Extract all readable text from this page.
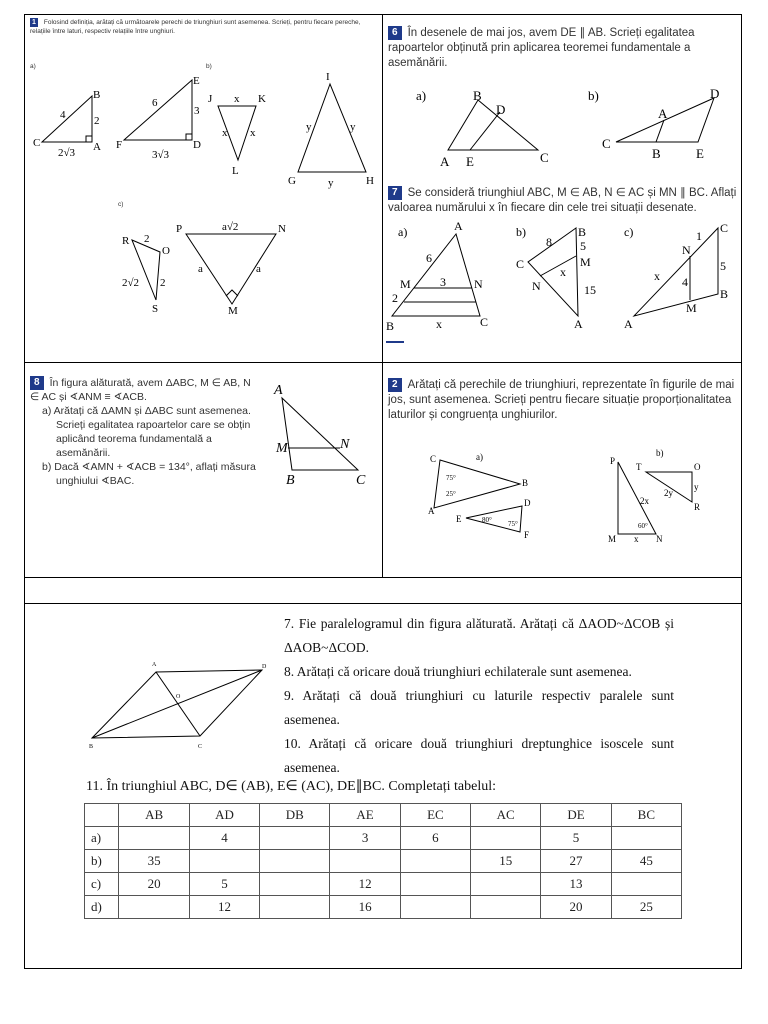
1 Folosind definiția, arătați că următoarele perechi de triunghiuri sunt asemenea. Scrieți, pentru fiecare pereche, relațiile între laturi, respectiv relațiile între unghiuri.
a)	b)
c)
C
B
A
4	2
2√3
F
E
D
6
3
3√3
J x K
x x
L
I
G	H
y	y
y
R 2
O
2√2 2
S
P	a√2	N
a	a
M
6 În desenele de mai jos, avem DE ∥ AB. Scrieți egalitatea rapoartelor obținută prin aplicarea teoremei fundamentale a asemănării.
a)	B
D
A E	C
b)	D
A
C
B	E
7 Se consideră triunghiul ABC, M ∈ AB, N ∈ AC și MN ∥ BC. Aflați valoarea numărului x în fiecare din cele trei situații desenate.
a)	A
6
M 3 N
2
B	x	C
b)	B
8 5
C	M
x
N	15
A
c)	C
1
N
5
x 4
B
M
A
8 În figura alăturată, avem ΔABC, M ∈ AB, N ∈ AC și ∢ANM ≡ ∢ACB.
a) Arătați că ΔAMN și ΔABC sunt asemenea. Scrieți egalitatea rapoartelor care se obțin aplicând teorema fundamentală a asemănării.
b) Dacă ∢AMN + ∢ACB = 134°, aflați măsura unghiului ∢BAC.
A
M	N
B	C
2 Arătați că perechile de triunghiuri, reprezentate în figurile de mai jos, sunt asemenea. Scrieți pentru fiecare situație proporționalitatea laturilor și congruența unghiurilor.
a)
C
B
A
75°
25°
D
E
F
80° 75°
b)
P
M x N
2x
60°
T	O
y
R
2y
A	D
B	C
O
7. Fie paralelogramul din figura alăturată. Arătați că ΔAOD~ΔCOB și ΔAOB~ΔCOD.
8. Arătați că oricare două triunghiuri echilaterale sunt asemenea.
9. Arătați că două triunghiuri cu laturile respectiv paralele sunt asemenea.
10. Arătați că oricare două triunghiuri dreptunghice isoscele sunt asemenea.
11. În triunghiul ABC, D∈ (AB), E∈ (AC), DE∥BC. Completați tabelul:
	AB	AD	DB	AE	EC	AC	DE	BC
a)		4		3	6		5	
b)	35					15	27	45
c)	20	5		12			13	
d)		12		16			20	25
